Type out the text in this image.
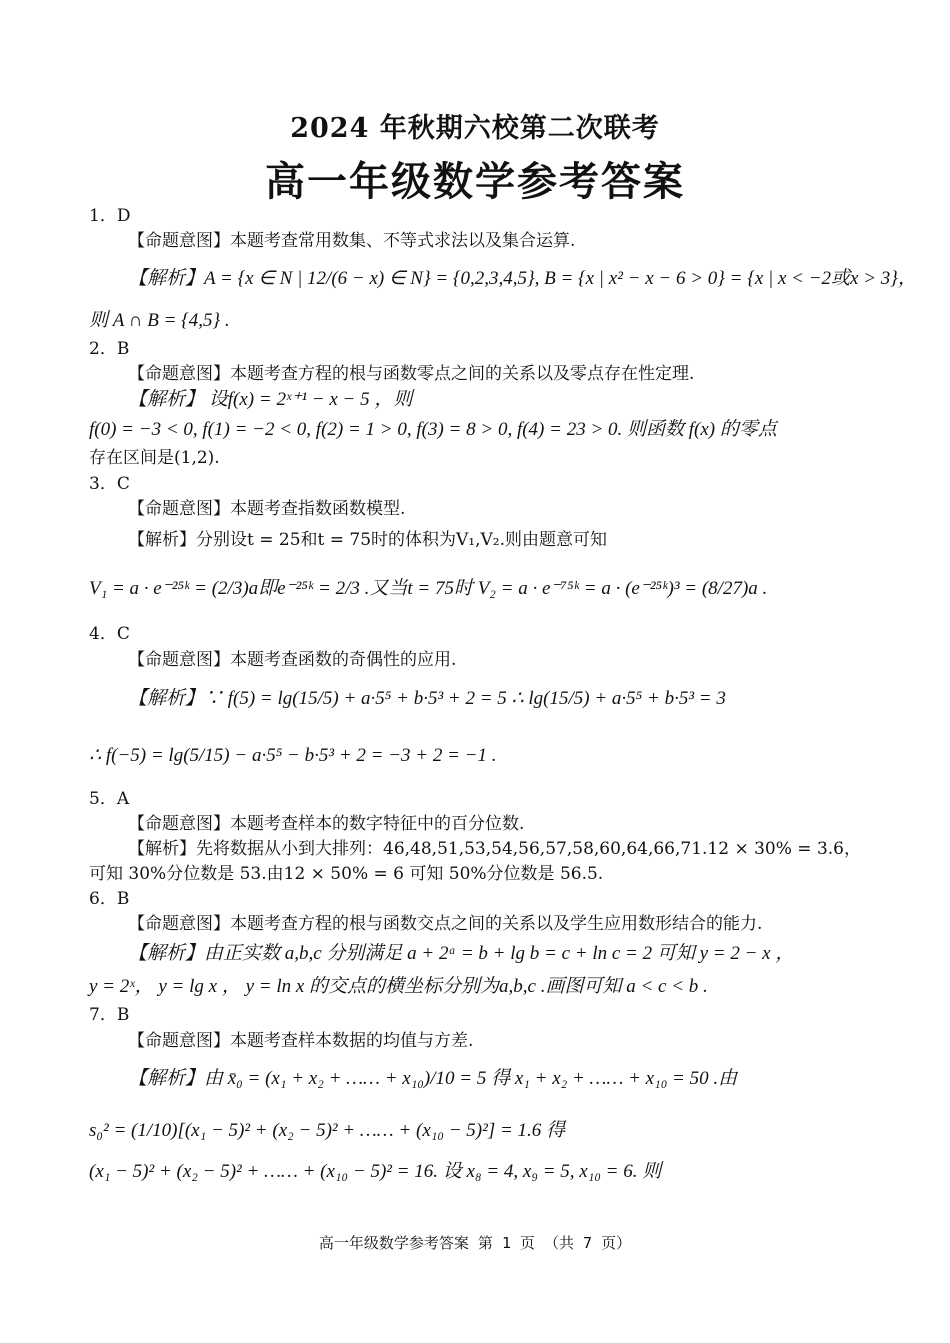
2024 年秋期六校第二次联考
高一年级数学参考答案
1．D
【命题意图】本题考查常用数集、不等式求法以及集合运算.
【解析】A = {x ∈ N | 12/(6 − x) ∈ N} = {0,2,3,4,5}, B = {x | x² − x − 6 > 0} = {x | x < −2或x > 3}，
则 A ∩ B = {4,5} .
2．B
【命题意图】本题考查方程的根与函数零点之间的关系以及零点存在性定理.
【解析】 设f(x) = 2ˣ⁺¹ − x − 5 ，则
f(0) = −3 < 0, f(1) = −2 < 0, f(2) = 1 > 0, f(3) = 8 > 0, f(4) = 23 > 0. 则函数 f(x) 的零点
存在区间是(1,2).
3．C
【命题意图】本题考查指数函数模型.
【解析】分别设t = 25和t = 75时的体积为V₁,V₂.则由题意可知
V₁ = a · e⁻²⁵ᵏ = (2/3)a即e⁻²⁵ᵏ = 2/3 .又当t = 75时 V₂ = a · e⁻⁷⁵ᵏ = a · (e⁻²⁵ᵏ)³ = (8/27)a .
4．C
【命题意图】本题考查函数的奇偶性的应用.
【解析】∵ f(5) = lg(15/5) + a·5⁵ + b·5³ + 2 = 5 ∴ lg(15/5) + a·5⁵ + b·5³ = 3
∴ f(−5) = lg(5/15) − a·5⁵ − b·5³ + 2 = −3 + 2 = −1 .
5．A
【命题意图】本题考查样本的数字特征中的百分位数.
【解析】先将数据从小到大排列：46,48,51,53,54,56,57,58,60,64,66,71.12 × 30% = 3.6，
可知 30%分位数是 53.由12 × 50% = 6 可知 50%分位数是 56.5.
6．B
【命题意图】本题考查方程的根与函数交点之间的关系以及学生应用数形结合的能力.
【解析】由正实数 a,b,c 分别满足 a + 2ᵃ = b + lg b = c + ln c = 2 可知 y = 2 − x ，
y = 2ˣ， y = lg x ， y = ln x 的交点的横坐标分别为a,b,c .画图可知 a < c < b .
7．B
【命题意图】本题考查样本数据的均值与方差.
【解析】由 x̄₀ = (x₁ + x₂ + …… + x₁₀)/10 = 5 得 x₁ + x₂ + …… + x₁₀ = 50 .由
s₀² = (1/10)[(x₁ − 5)² + (x₂ − 5)² + …… + (x₁₀ − 5)²] = 1.6 得
(x₁ − 5)² + (x₂ − 5)² + …… + (x₁₀ − 5)² = 16. 设 x₈ = 4, x₉ = 5, x₁₀ = 6. 则
高一年级数学参考答案 第 1 页 （共 7 页）
